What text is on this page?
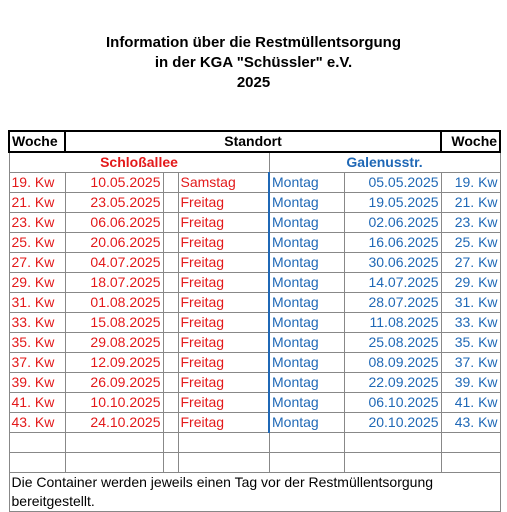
Information über die Restmüllentsorgung
in der KGA "Schüssler" e.V.
2025
Woche	Standort					Woche
Schloßallee				Galenusstr.		
19. Kw	10.05.2025		Samstag	Montag	05.05.2025	19. Kw
21. Kw	23.05.2025		Freitag	Montag	19.05.2025	21. Kw
23. Kw	06.06.2025		Freitag	Montag	02.06.2025	23. Kw
25. Kw	20.06.2025		Freitag	Montag	16.06.2025	25. Kw
27. Kw	04.07.2025		Freitag	Montag	30.06.2025	27. Kw
29. Kw	18.07.2025		Freitag	Montag	14.07.2025	29. Kw
31. Kw	01.08.2025		Freitag	Montag	28.07.2025	31. Kw
33. Kw	15.08.2025		Freitag	Montag	11.08.2025	33. Kw
35. Kw	29.08.2025		Freitag	Montag	25.08.2025	35. Kw
37. Kw	12.09.2025		Freitag	Montag	08.09.2025	37. Kw
39. Kw	26.09.2025		Freitag	Montag	22.09.2025	39. Kw
41. Kw	10.10.2025		Freitag	Montag	06.10.2025	41. Kw
43. Kw	24.10.2025		Freitag	Montag	20.10.2025	43. Kw

Die Container werden jeweils einen Tag vor der Restmüllentsorgung bereitgestellt.						
